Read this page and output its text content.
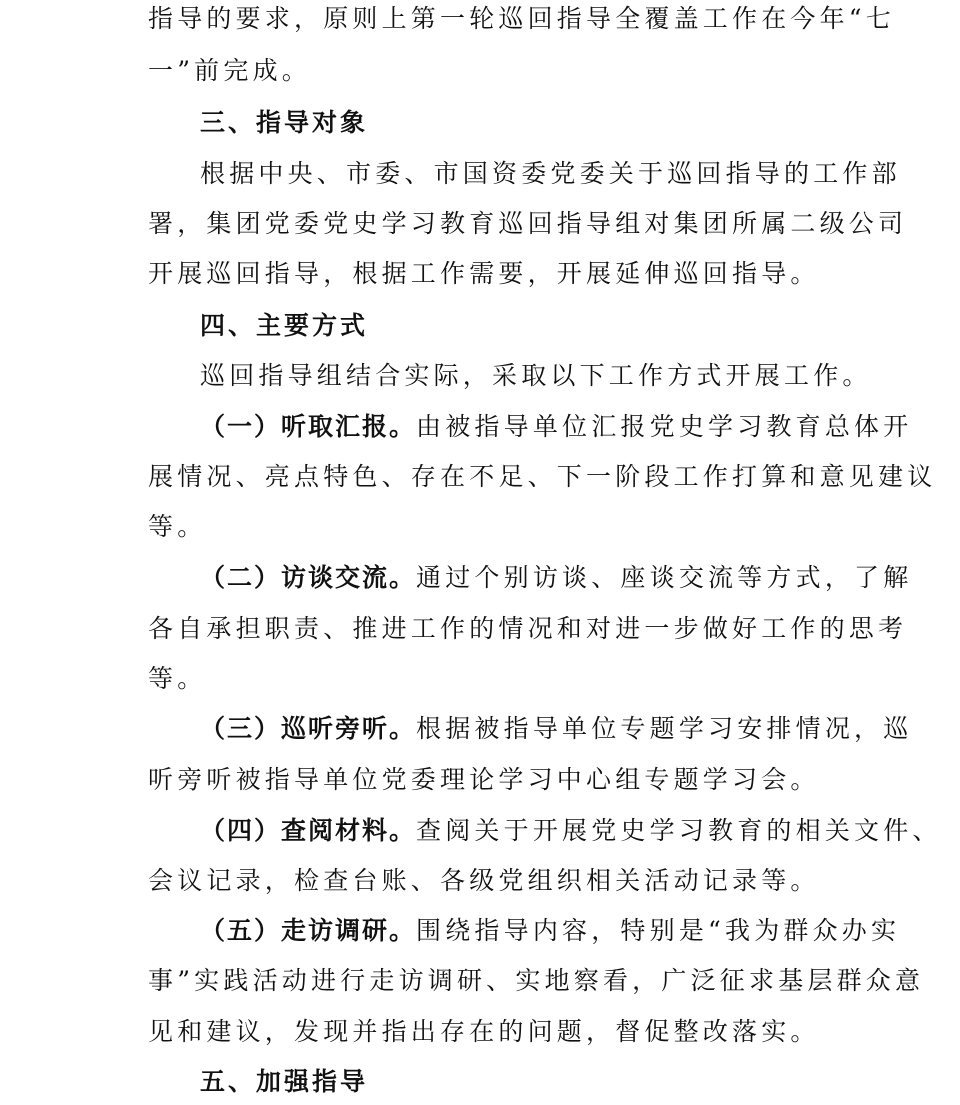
指导的要求，原则上第一轮巡回指导全覆盖工作在今年“七
一”前完成。
三、指导对象
根据中央、市委、市国资委党委关于巡回指导的工作部
署，集团党委党史学习教育巡回指导组对集团所属二级公司
开展巡回指导，根据工作需要，开展延伸巡回指导。
四、主要方式
巡回指导组结合实际，采取以下工作方式开展工作。
（一）听取汇报。由被指导单位汇报党史学习教育总体开
展情况、亮点特色、存在不足、下一阶段工作打算和意见建议
等。
（二）访谈交流。通过个别访谈、座谈交流等方式，了解
各自承担职责、推进工作的情况和对进一步做好工作的思考
等。
（三）巡听旁听。根据被指导单位专题学习安排情况，巡
听旁听被指导单位党委理论学习中心组专题学习会。
（四）查阅材料。查阅关于开展党史学习教育的相关文件、
会议记录，检查台账、各级党组织相关活动记录等。
（五）走访调研。围绕指导内容，特别是“我为群众办实
事”实践活动进行走访调研、实地察看，广泛征求基层群众意
见和建议，发现并指出存在的问题，督促整改落实。
五、加强指导
